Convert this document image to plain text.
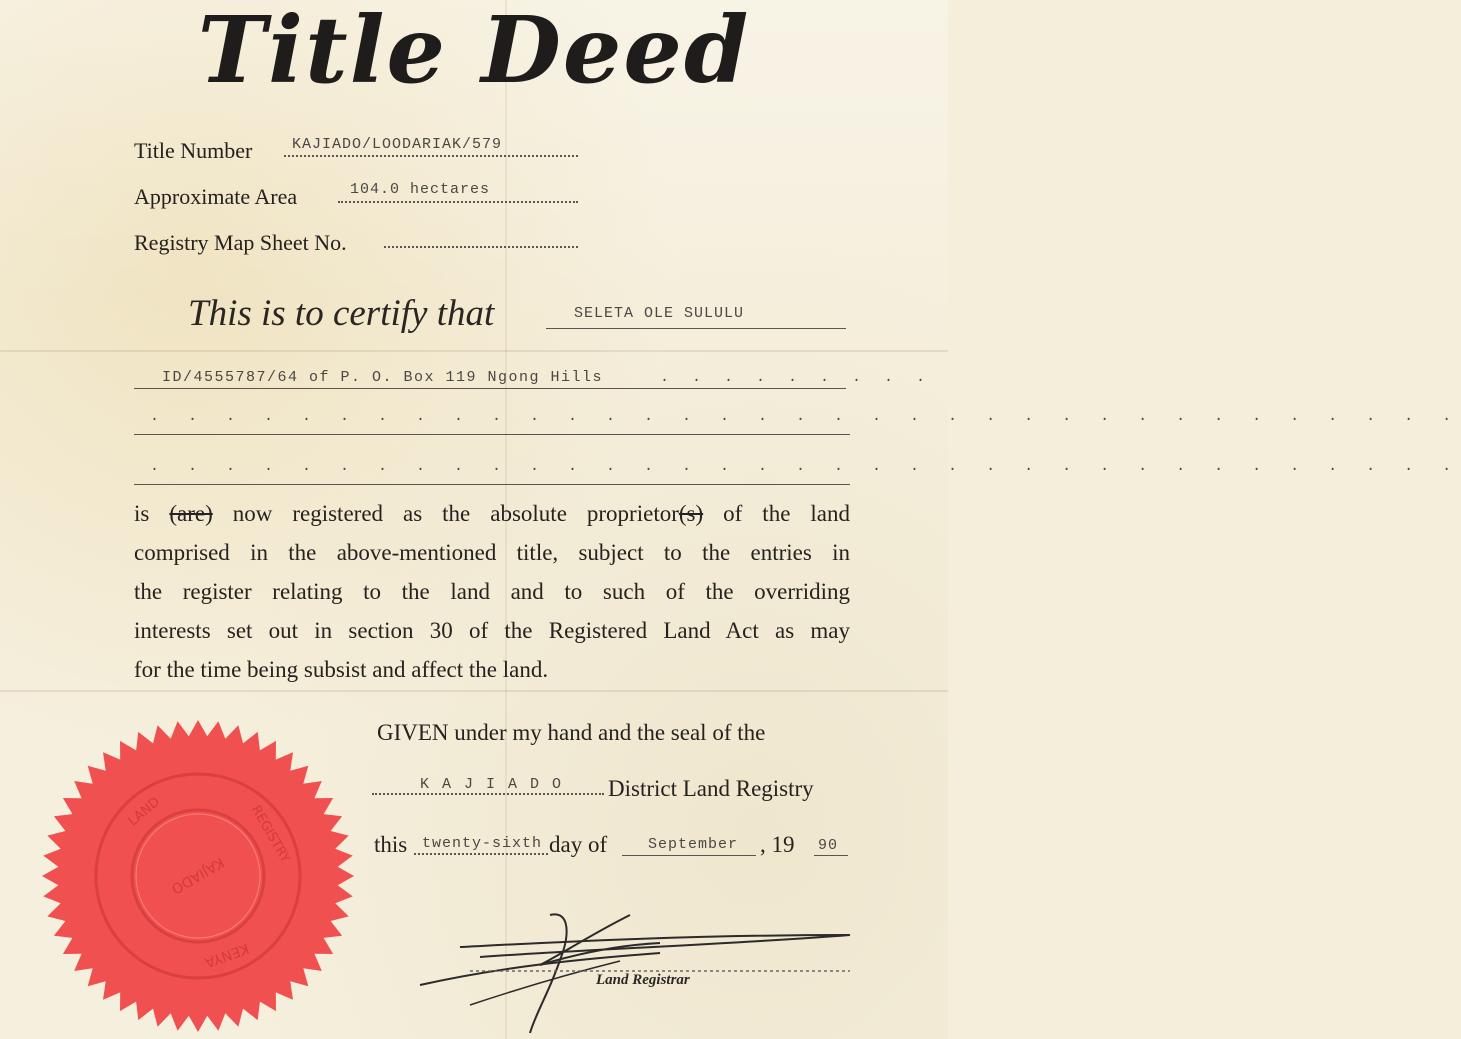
Title Deed
Title Number	KAJIADO/LOODARIAK/579
Approximate Area	104.0 hectares
Registry Map Sheet No.
This is to certify that	SELETA OLE SULULU
ID/4555787/64 of P. O. Box 119 Ngong Hills	. . . . . . . . .
. . . . . . . . . . . . . . . . . . . . . . . . . . . . . . . . . . .
. . . . . . . . . . . . . . . . . . . . . . . . . . . . . . . . . . .
is (are) now registered as the absolute proprietor(s) of the land
comprised in the above-mentioned title, subject to the entries in
the register relating to the land and to such of the overriding
interests set out in section 30 of the Registered Land Act as may
for the time being subsist and affect the land.
GIVEN under my hand and the seal of the
K A J I A D O District Land Registry
this twenty-sixth day of	September , 19 90
KAJIADO
KENYA
LAND	REGISTRY
Land Registrar
